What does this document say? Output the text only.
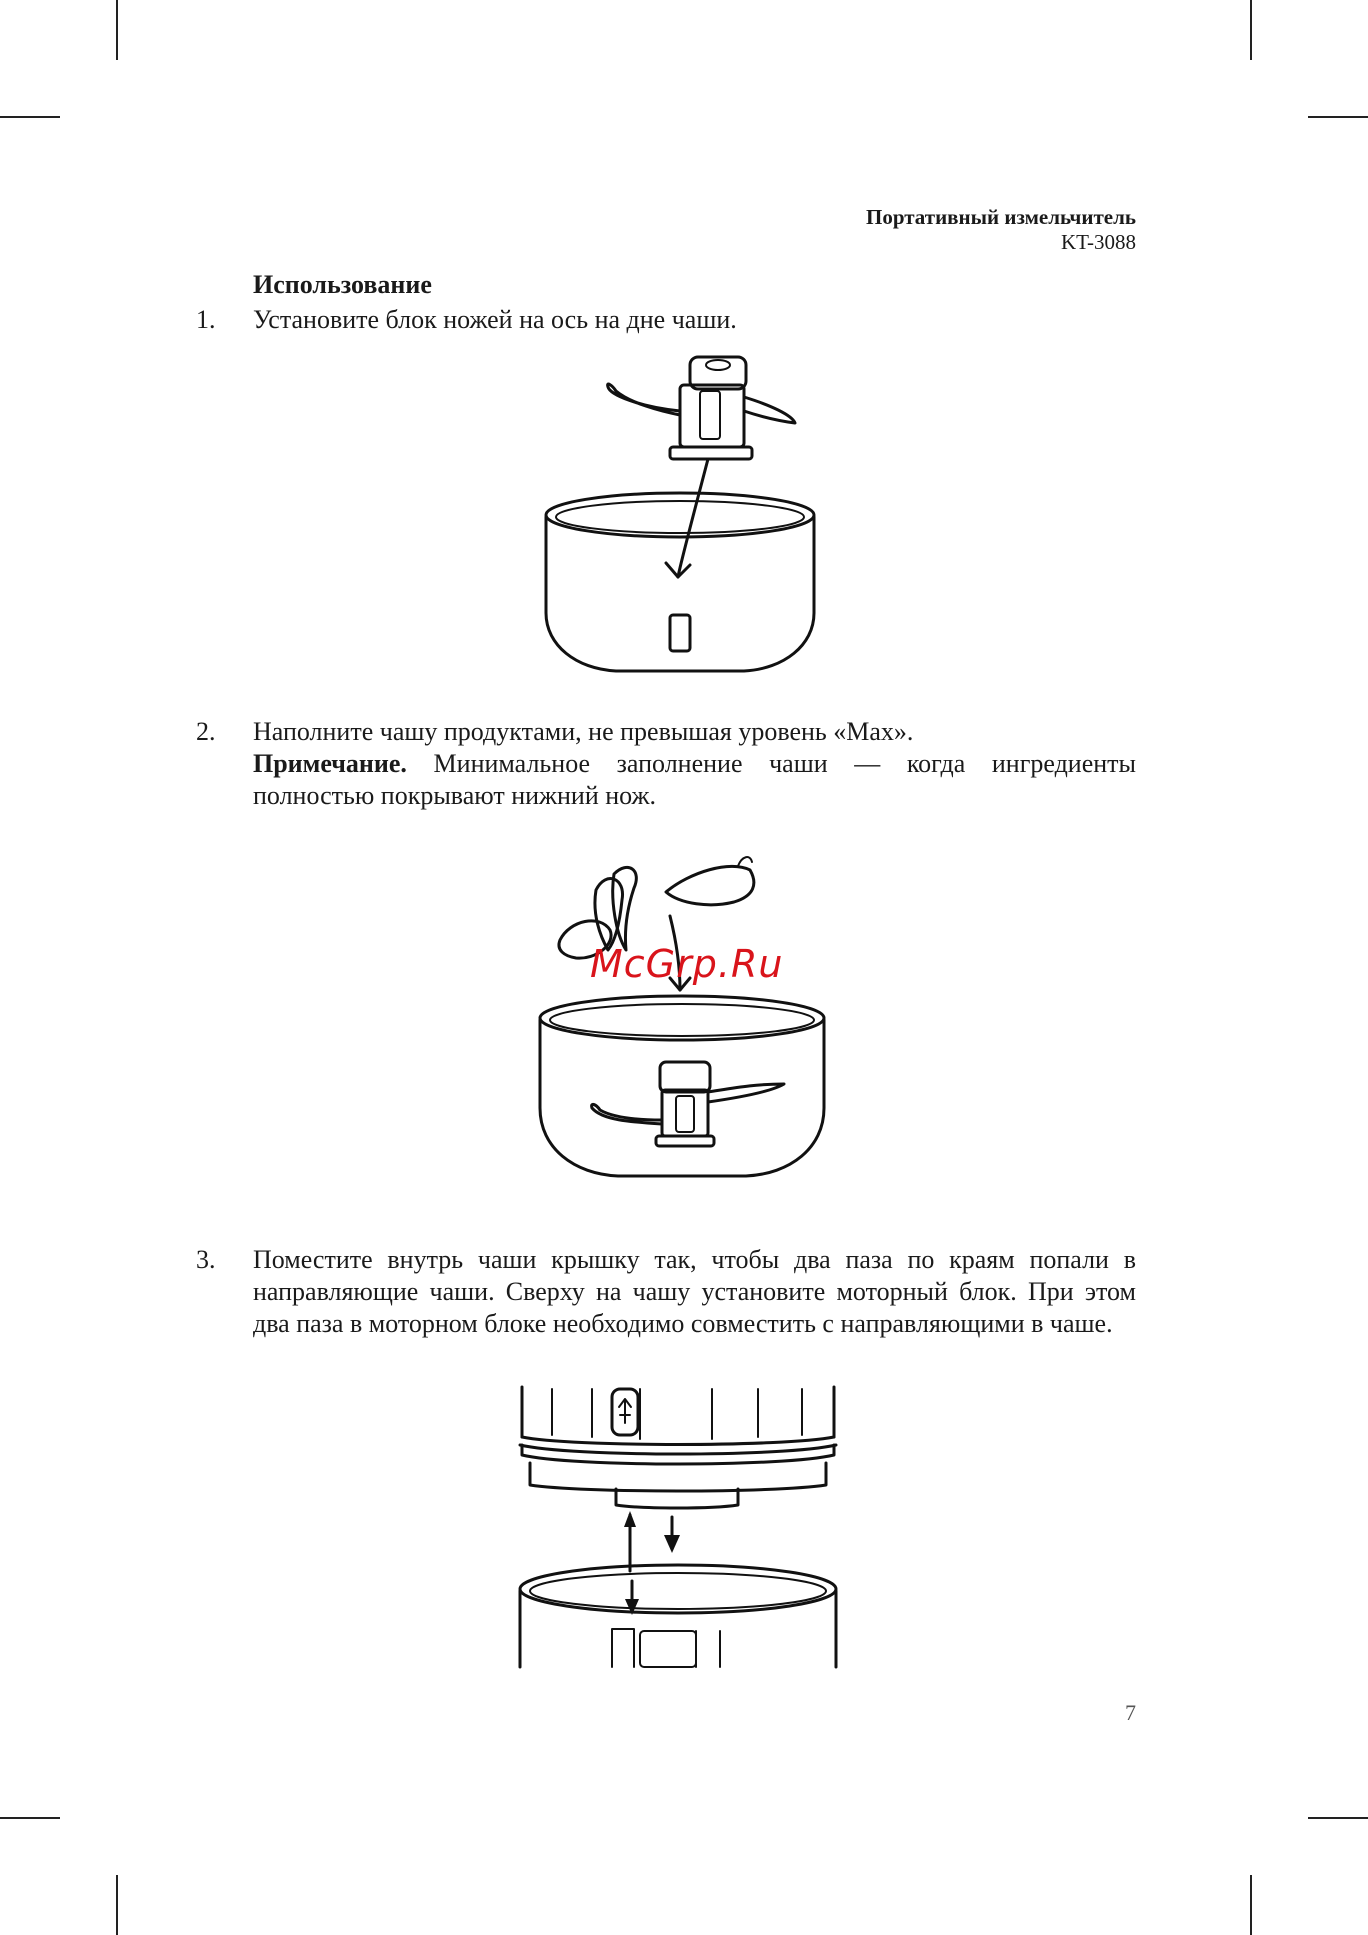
Портативный измельчитель
KT-3088
Использование
1. Установите блок ножей на ось на дне чаши.
2. Наполните чашу продуктами, не превышая уровень «Max».
Примечание. Минимальное заполнение чаши — когда ингредиенты полностью покрывают нижний нож.
McGrp.Ru
3. Поместите внутрь чаши крышку так, чтобы два паза по краям попали в направляющие чаши. Сверху на чашу установите моторный блок. При этом два паза в моторном блоке необходимо совместить с направляющими в чаше.
7
